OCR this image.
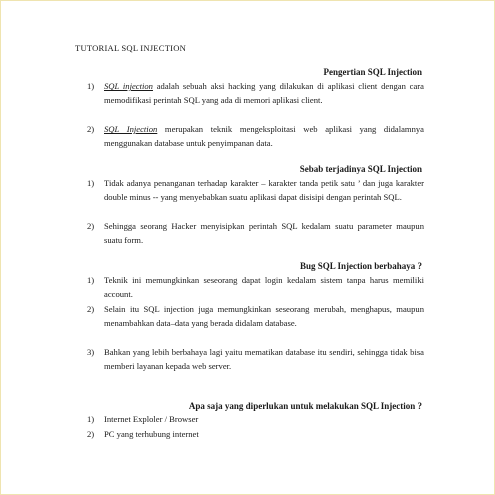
TUTORIAL SQL INJECTION
Pengertian SQL Injection
1)	SQL injection adalah sebuah aksi hacking yang dilakukan di aplikasi client dengan cara memodifikasi perintah SQL yang ada di memori aplikasi client.
2)	SQL Injection merupakan teknik mengeksploitasi web aplikasi yang didalamnya menggunakan database untuk penyimpanan data.
Sebab terjadinya SQL Injection
1)	Tidak adanya penanganan terhadap karakter – karakter tanda petik satu ’ dan juga karakter double minus -- yang menyebabkan suatu aplikasi dapat disisipi dengan perintah SQL.
2)	Sehingga seorang Hacker menyisipkan perintah SQL kedalam suatu parameter maupun suatu form.
Bug SQL Injection berbahaya ?
1)	Teknik ini memungkinkan seseorang dapat login kedalam sistem tanpa harus memiliki account.
2)	Selain itu SQL injection juga memungkinkan seseorang merubah, menghapus, maupun menambahkan data–data yang berada didalam database.
3)	Bahkan yang lebih berbahaya lagi yaitu mematikan database itu sendiri, sehingga tidak bisa memberi layanan kepada web server.
Apa saja yang diperlukan untuk melakukan SQL Injection ?
1)	Internet Exploler / Browser
2)	PC yang terhubung internet
